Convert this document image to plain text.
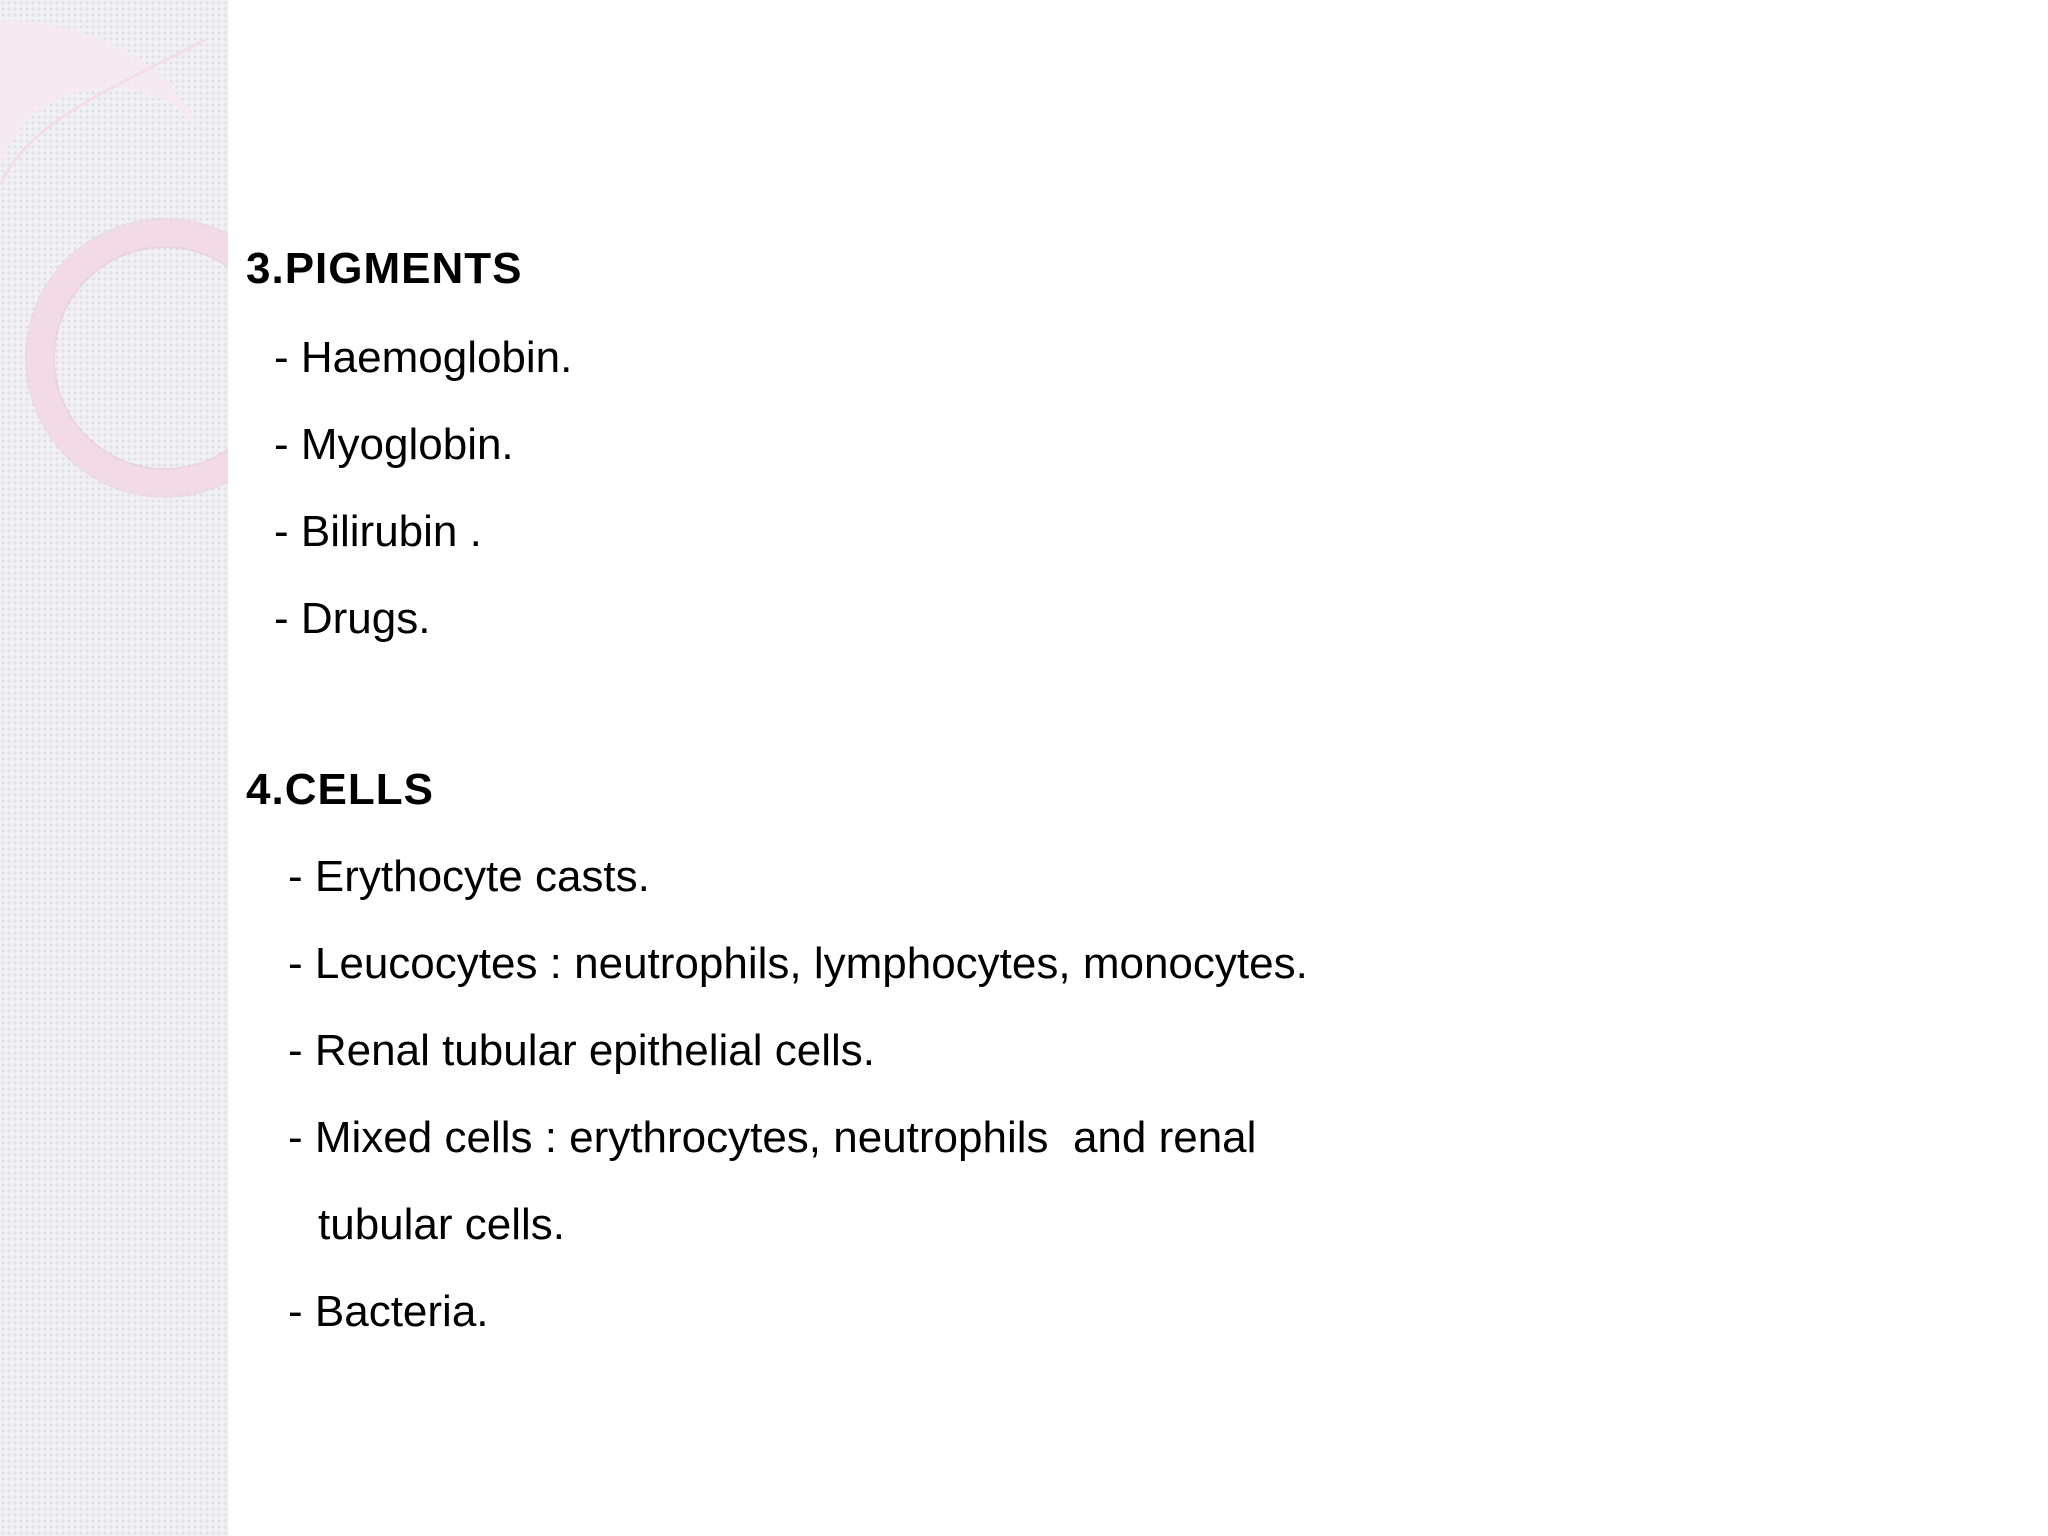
3.PIGMENTS
- Haemoglobin.
- Myoglobin.
- Bilirubin .
- Drugs.
4.CELLS
- Erythocyte casts.
- Leucocytes : neutrophils, lymphocytes, monocytes.
- Renal tubular epithelial cells.
- Mixed cells : erythrocytes, neutrophils  and renal
tubular cells.
- Bacteria.
